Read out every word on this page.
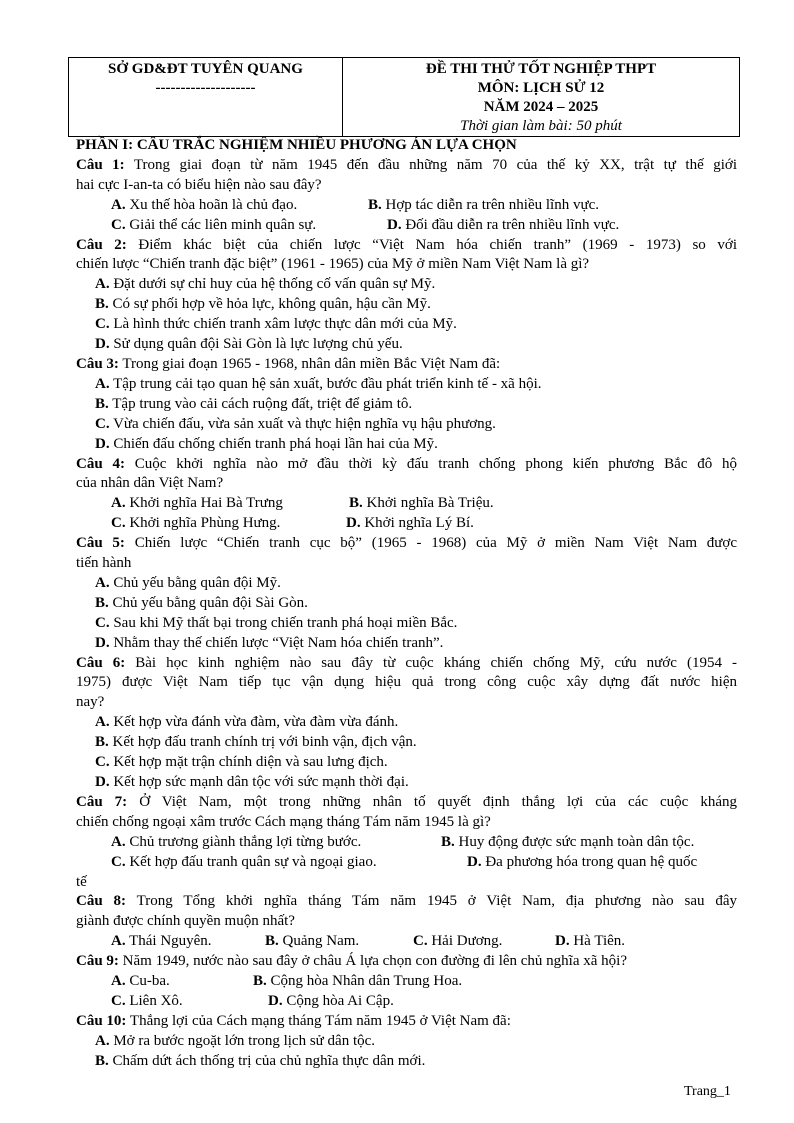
SỞ GD&ĐT TUYÊN QUANG
--------------------
ĐỀ THI THỬ TỐT NGHIỆP THPT
MÔN: LỊCH SỬ 12
NĂM 2024 – 2025
Thời gian làm bài: 50 phút
PHẦN I: CÂU TRẮC NGHIỆM NHIỀU PHƯƠNG ÁN LỰA CHỌN
Câu 1: Trong giai đoạn từ năm 1945 đến đầu những năm 70 của thế kỷ XX, trật tự thế giới
hai cực I-an-ta có biểu hiện nào sau đây?
A. Xu thế hòa hoãn là chủ đạo.	B. Hợp tác diễn ra trên nhiều lĩnh vực.
C. Giải thể các liên minh quân sự.	D. Đối đầu diễn ra trên nhiều lĩnh vực.
Câu 2: Điểm khác biệt của chiến lược “Việt Nam hóa chiến tranh” (1969 - 1973) so với
chiến lược “Chiến tranh đặc biệt” (1961 - 1965) của Mỹ ở miền Nam Việt Nam là gì?
A. Đặt dưới sự chỉ huy của hệ thống cố vấn quân sự Mỹ.
B. Có sự phối hợp về hỏa lực, không quân, hậu cần Mỹ.
C. Là hình thức chiến tranh xâm lược thực dân mới của Mỹ.
D. Sử dụng quân đội Sài Gòn là lực lượng chủ yếu.
Câu 3: Trong giai đoạn 1965 - 1968, nhân dân miền Bắc Việt Nam đã:
A. Tập trung cải tạo quan hệ sản xuất, bước đầu phát triển kinh tế - xã hội.
B. Tập trung vào cải cách ruộng đất, triệt để giảm tô.
C. Vừa chiến đấu, vừa sản xuất và thực hiện nghĩa vụ hậu phương.
D. Chiến đấu chống chiến tranh phá hoại lần hai của Mỹ.
Câu 4: Cuộc khởi nghĩa nào mở đầu thời kỳ đấu tranh chống phong kiến phương Bắc đô hộ
của nhân dân Việt Nam?
A. Khởi nghĩa Hai Bà Trưng	B. Khởi nghĩa Bà Triệu.
C. Khởi nghĩa Phùng Hưng.	D. Khởi nghĩa Lý Bí.
Câu 5: Chiến lược “Chiến tranh cục bộ” (1965 - 1968) của Mỹ ở miền Nam Việt Nam được
tiến hành
A. Chủ yếu bằng quân đội Mỹ.
B. Chủ yếu bằng quân đội Sài Gòn.
C. Sau khi Mỹ thất bại trong chiến tranh phá hoại miền Bắc.
D. Nhằm thay thế chiến lược “Việt Nam hóa chiến tranh”.
Câu 6: Bài học kinh nghiệm nào sau đây từ cuộc kháng chiến chống Mỹ, cứu nước (1954 -
1975) được Việt Nam tiếp tục vận dụng hiệu quả trong công cuộc xây dựng đất nước hiện
nay?
A. Kết hợp vừa đánh vừa đàm, vừa đàm vừa đánh.
B. Kết hợp đấu tranh chính trị với binh vận, địch vận.
C. Kết hợp mặt trận chính diện và sau lưng địch.
D. Kết hợp sức mạnh dân tộc với sức mạnh thời đại.
Câu 7: Ở Việt Nam, một trong những nhân tố quyết định thắng lợi của các cuộc kháng
chiến chống ngoại xâm trước Cách mạng tháng Tám năm 1945 là gì?
A. Chủ trương giành thắng lợi từng bước.	B. Huy động được sức mạnh toàn dân tộc.
C. Kết hợp đấu tranh quân sự và ngoại giao.	D. Đa phương hóa trong quan hệ quốc
tế
Câu 8: Trong Tổng khởi nghĩa tháng Tám năm 1945 ở Việt Nam, địa phương nào sau đây
giành được chính quyền muộn nhất?
A. Thái Nguyên.	B. Quảng Nam.	C. Hải Dương.	D. Hà Tiên.
Câu 9: Năm 1949, nước nào sau đây ở châu Á lựa chọn con đường đi lên chủ nghĩa xã hội?
A. Cu-ba.	B. Cộng hòa Nhân dân Trung Hoa.
C. Liên Xô.	D. Cộng hòa Ai Cập.
Câu 10: Thắng lợi của Cách mạng tháng Tám năm 1945 ở Việt Nam đã:
A. Mở ra bước ngoặt lớn trong lịch sử dân tộc.
B. Chấm dứt ách thống trị của chủ nghĩa thực dân mới.
Trang_1
